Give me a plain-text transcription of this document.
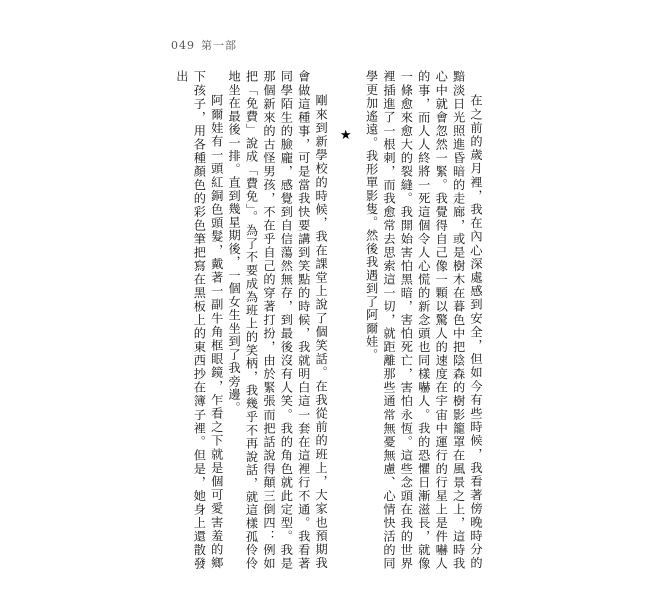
049 第一部

在之前的歲月裡，我在內心深處感到安全，但如今有些時候，我看著傍晚時分的黯淡日光照進昏暗的走廊，或是樹木在暮色中把陰森的樹影籠罩在風景之上，這時我心中就會忽然一緊。我覺得自己像一顆以驚人的速度在宇宙中運行的行星上是件嚇人的事，而人人終將一死這個令人心慌的新念頭也同樣嚇人。我的恐懼日漸滋長，就像一條愈來愈大的裂縫。我開始害怕黑暗，害怕死亡，害怕永恆。這些念頭在我的世界裡插進了一根刺，而我愈常去思索這一切，就距離那些通常無憂無慮、心情快活的同學更加遙遠。我形單影隻。然後我遇到了阿爾娃。

★

剛來到新學校的時候，我在課堂上說了個笑話。在我從前的班上，大家也預期我會做這種事，可是當我快要講到笑點的時候，我就明白這一套在這裡行不通。我看著同學陌生的臉龐，感覺到自信蕩然無存，到最後沒有人笑。我的角色就此定型。我是那個新來的古怪男孩，不在乎自己的穿著打扮，由於緊張而把話說得顛三倒四：例如把「免費」說成「費免」。為了不要成為班上的笑柄，我幾乎不再說話，就這樣孤伶伶地坐在最後一排。直到幾星期後，一個女生坐到了我旁邊。

阿爾娃有一頭紅銅色頭髮，戴著一副牛角框眼鏡，乍看之下就是個可愛害羞的鄉下孩子，用各種顏色的彩色筆把寫在黑板上的東西抄在簿子裡。但是，她身上還散發出
